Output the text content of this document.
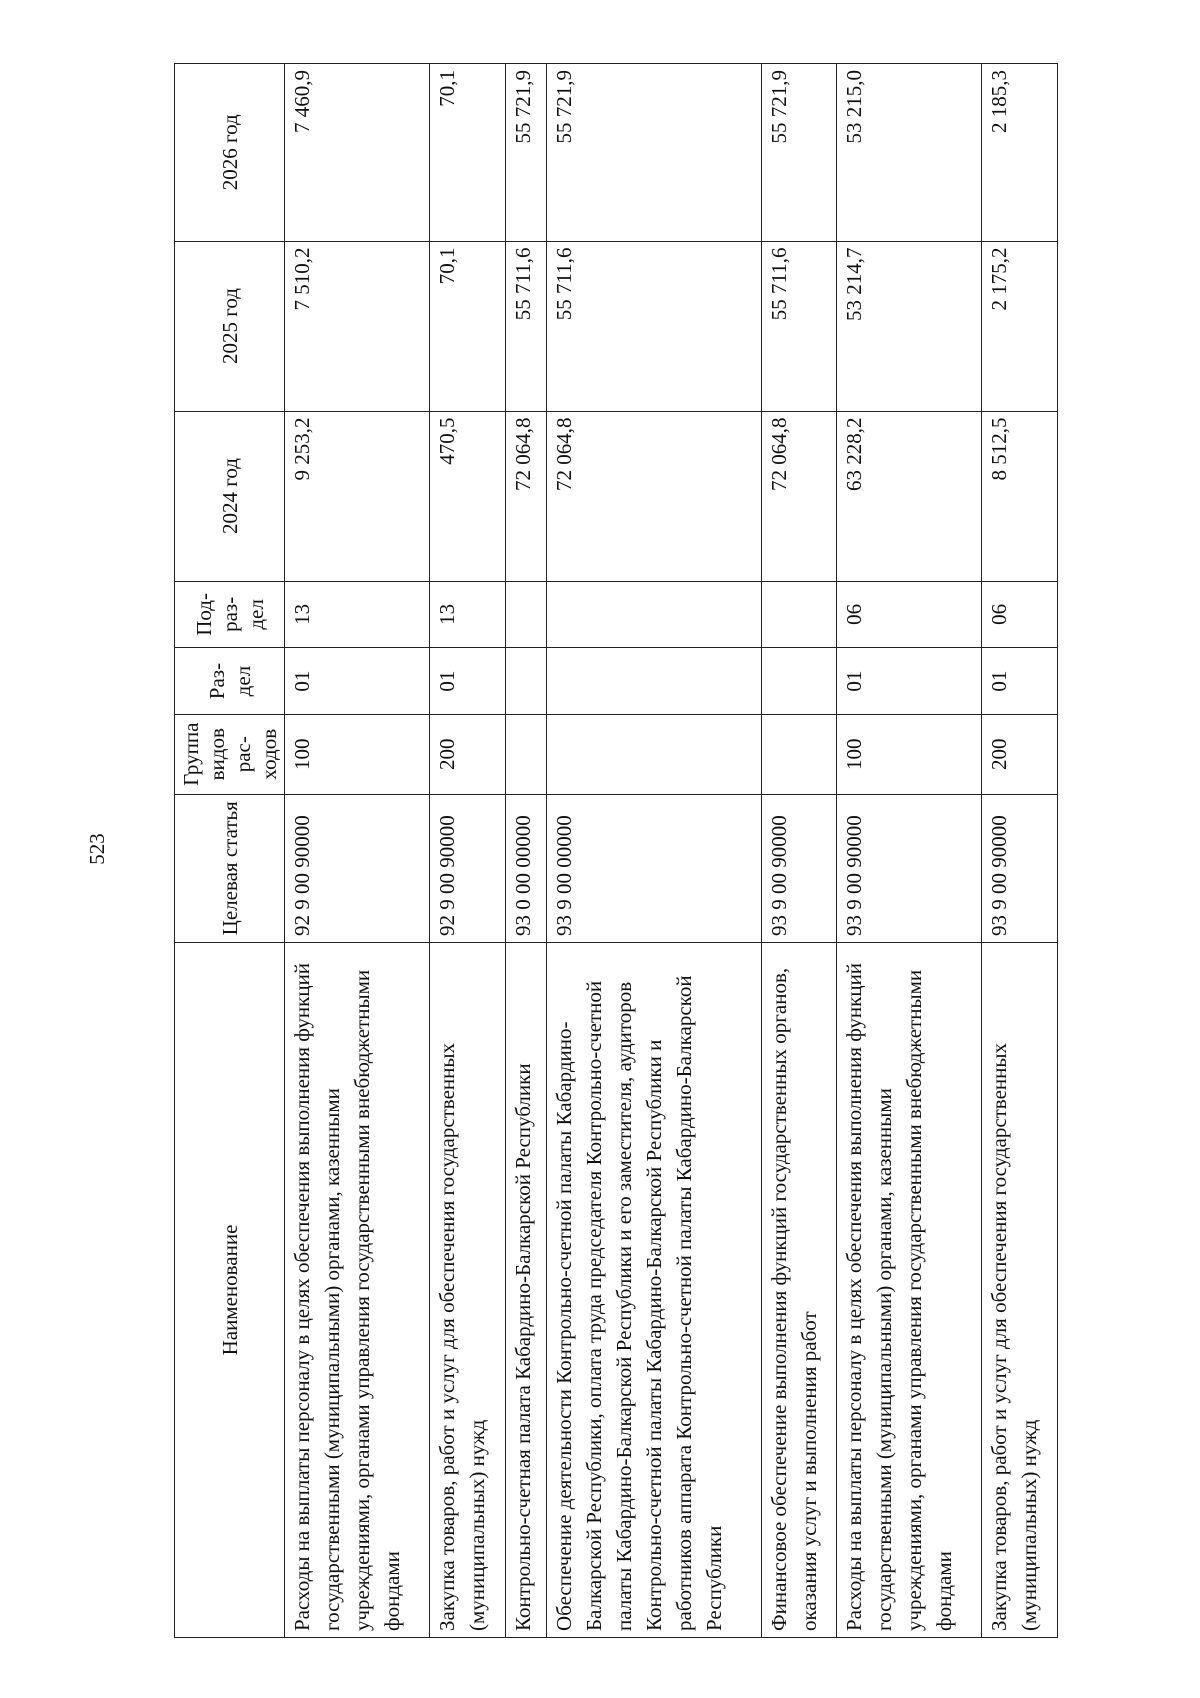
523
Наименование	Целевая статья	Группа видов рас-ходов	Раз-дел	Под-раз-дел	2024 год	2025 год	2026 год
Расходы на выплаты персоналу в целях обеспечения выполнения функций государственными (муниципальными) органами, казенными учреждениями, органами управления государственными внебюджетными фондами	92 9 00 90000	100	01	13	9 253,2	7 510,2	7 460,9
Закупка товаров, работ и услуг для обеспечения государственных (муниципальных) нужд	92 9 00 90000	200	01	13	470,5	70,1	70,1
Контрольно-счетная палата Кабардино-Балкарской Республики	93 0 00 00000				72 064,8	55 711,6	55 721,9
Обеспечение деятельности Контрольно-счетной палаты Кабардино-Балкарской Республики, оплата труда председателя Контрольно-счетной палаты Кабардино-Балкарской Республики и его заместителя, аудиторов Контрольно-счетной палаты Кабардино-Балкарской Республики и работников аппарата Контрольно-счетной палаты Кабардино-Балкарской Республики	93 9 00 00000				72 064,8	55 711,6	55 721,9
Финансовое обеспечение выполнения функций государственных органов, оказания услуг и выполнения работ	93 9 00 90000				72 064,8	55 711,6	55 721,9
Расходы на выплаты персоналу в целях обеспечения выполнения функций государственными (муниципальными) органами, казенными учреждениями, органами управления государственными внебюджетными фондами	93 9 00 90000	100	01	06	63 228,2	53 214,7	53 215,0
Закупка товаров, работ и услуг для обеспечения государственных (муниципальных) нужд	93 9 00 90000	200	01	06	8 512,5	2 175,2	2 185,3
